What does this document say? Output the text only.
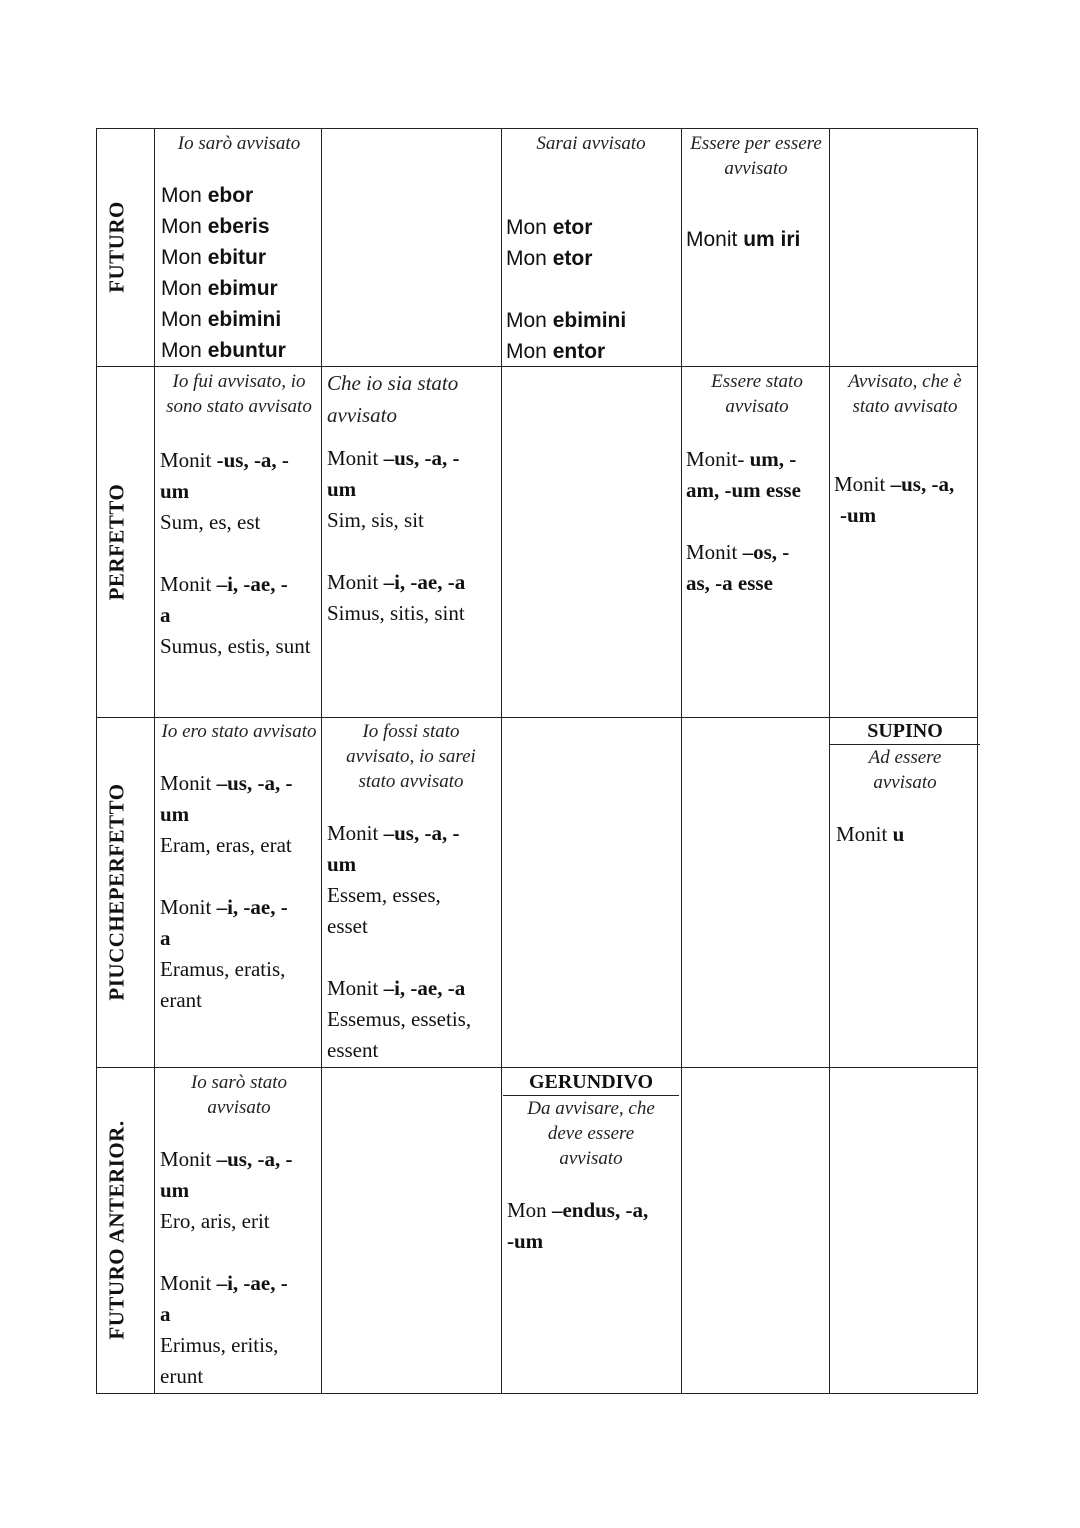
FUTURO
PERFETTO
PIUCCHEPERFETTO
FUTURO ANTERIOR.

Io sarò avvisato

Mon ebor

Mon eberis

Mon ebitur

Mon ebimur

Mon ebimini

Mon ebuntur

Sarai avvisato

Mon etor

Mon etor

Mon ebimini

Mon entor

Essere per essere avvisato

Monit um iri

Io fui avvisato, io sono stato avvisato

Monit -us, -a, -

um

Sum, es, est

Monit –i, -ae, -

a

Sumus, estis, sunt

Che io sia stato avvisato

Monit –us, -a, -

um

Sim, sis, sit

Monit –i, -ae, -a

Simus, sitis, sint

Essere stato avvisato

Monit- um, -

am, -um esse

Monit –os, -

as, -a esse

Avvisato, che è stato avvisato

Monit –us, -a,

-um

Io ero stato avvisato

Monit –us, -a, -

um

Eram, eras, erat

Monit –i, -ae, -

a

Eramus, eratis, erant

Io fossi stato avvisato, io sarei stato avvisato

Monit –us, -a, -

um

Essem, esses, esset

Monit –i, -ae, -a

Essemus, essetis, essent

SUPINO

Ad essere avvisato

Monit u

Io sarò stato avvisato

Monit –us, -a, -

um

Ero, aris, erit

Monit –i, -ae, -

a

Erimus, eritis, erunt

GERUNDIVO

Da avvisare, che deve essere avvisato

Mon –endus, -a,

-um
